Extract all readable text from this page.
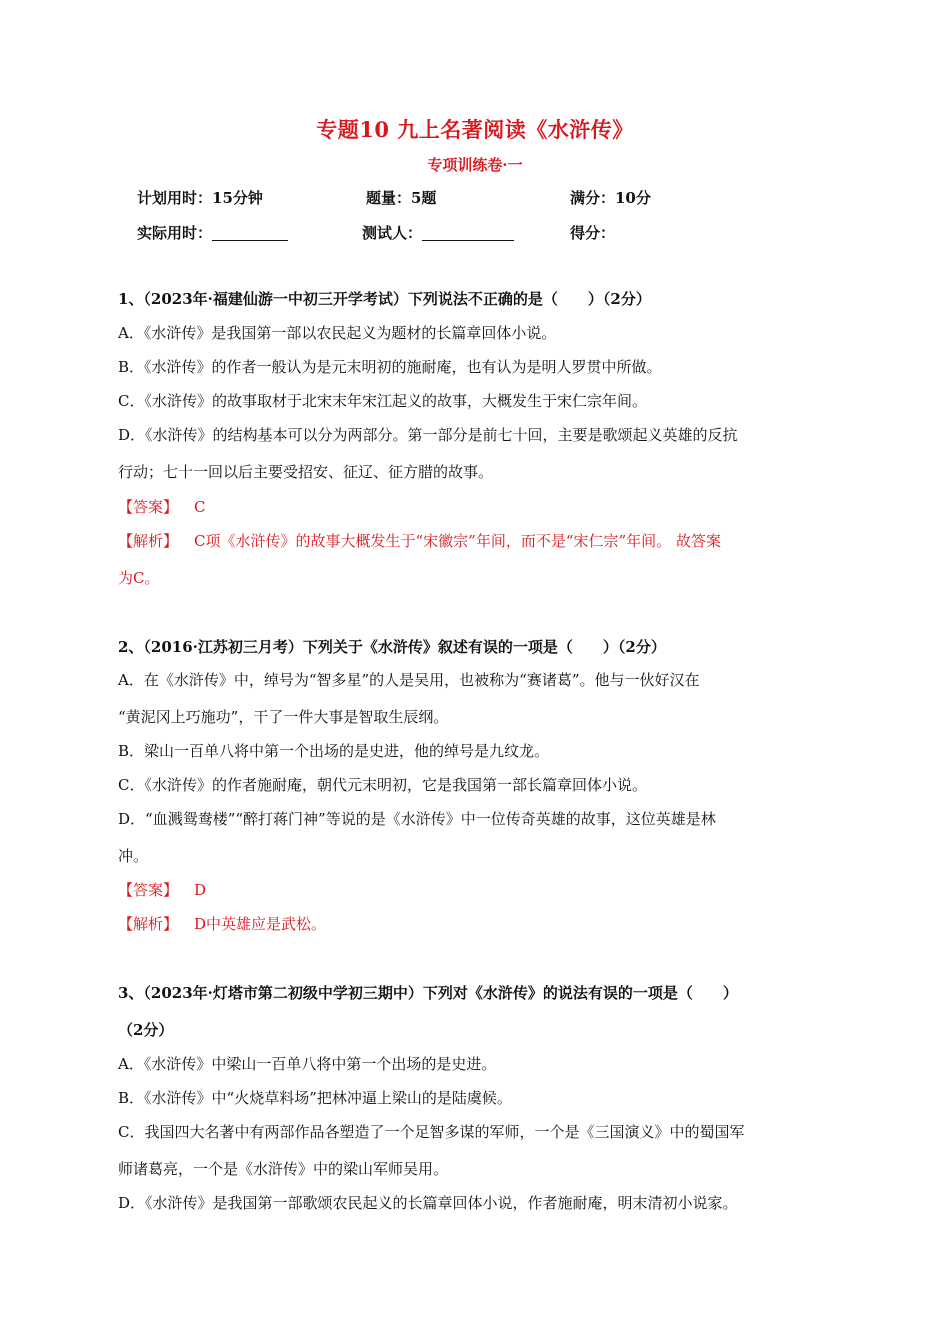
专题10 九上名著阅读《水浒传》
专项训练卷·一
计划用时：15分钟	题量：5题	满分：10分
实际用时：	测试人：	得分：
1、（2023年·福建仙游一中初三开学考试）下列说法不正确的是（　　）（2分）
A．《水浒传》是我国第一部以农民起义为题材的长篇章回体小说。
B．《水浒传》的作者一般认为是元末明初的施耐庵，也有认为是明人罗贯中所做。
C．《水浒传》的故事取材于北宋末年宋江起义的故事，大概发生于宋仁宗年间。
D．《水浒传》的结构基本可以分为两部分。第一部分是前七十回，主要是歌颂起义英雄的反抗
行动；七十一回以后主要受招安、征辽、征方腊的故事。
【答案】 C
【解析】 C项《水浒传》的故事大概发生于“宋徽宗”年间，而不是“宋仁宗”年间。 故答案
为C。
2、（2016·江苏初三月考）下列关于《水浒传》叙述有误的一项是（　　）（2分）
A．在《水浒传》中，绰号为“智多星”的人是吴用，也被称为“赛诸葛”。他与一伙好汉在
“黄泥冈上巧施功”，干了一件大事是智取生辰纲。
B．梁山一百单八将中第一个出场的是史进，他的绰号是九纹龙。
C．《水浒传》的作者施耐庵，朝代元末明初，它是我国第一部长篇章回体小说。
D．“血溅鸳鸯楼”“醉打蒋门神”等说的是《水浒传》中一位传奇英雄的故事，这位英雄是林
冲。
【答案】 D
【解析】 D中英雄应是武松。
3、（2023年·灯塔市第二初级中学初三期中）下列对《水浒传》的说法有误的一项是（　　）
（2分）
A．《水浒传》中梁山一百单八将中第一个出场的是史进。
B．《水浒传》中“火烧草料场”把林冲逼上梁山的是陆虞候。
C．我国四大名著中有两部作品各塑造了一个足智多谋的军师，一个是《三国演义》中的蜀国军
师诸葛亮，一个是《水浒传》中的梁山军师吴用。
D．《水浒传》是我国第一部歌颂农民起义的长篇章回体小说，作者施耐庵，明末清初小说家。
